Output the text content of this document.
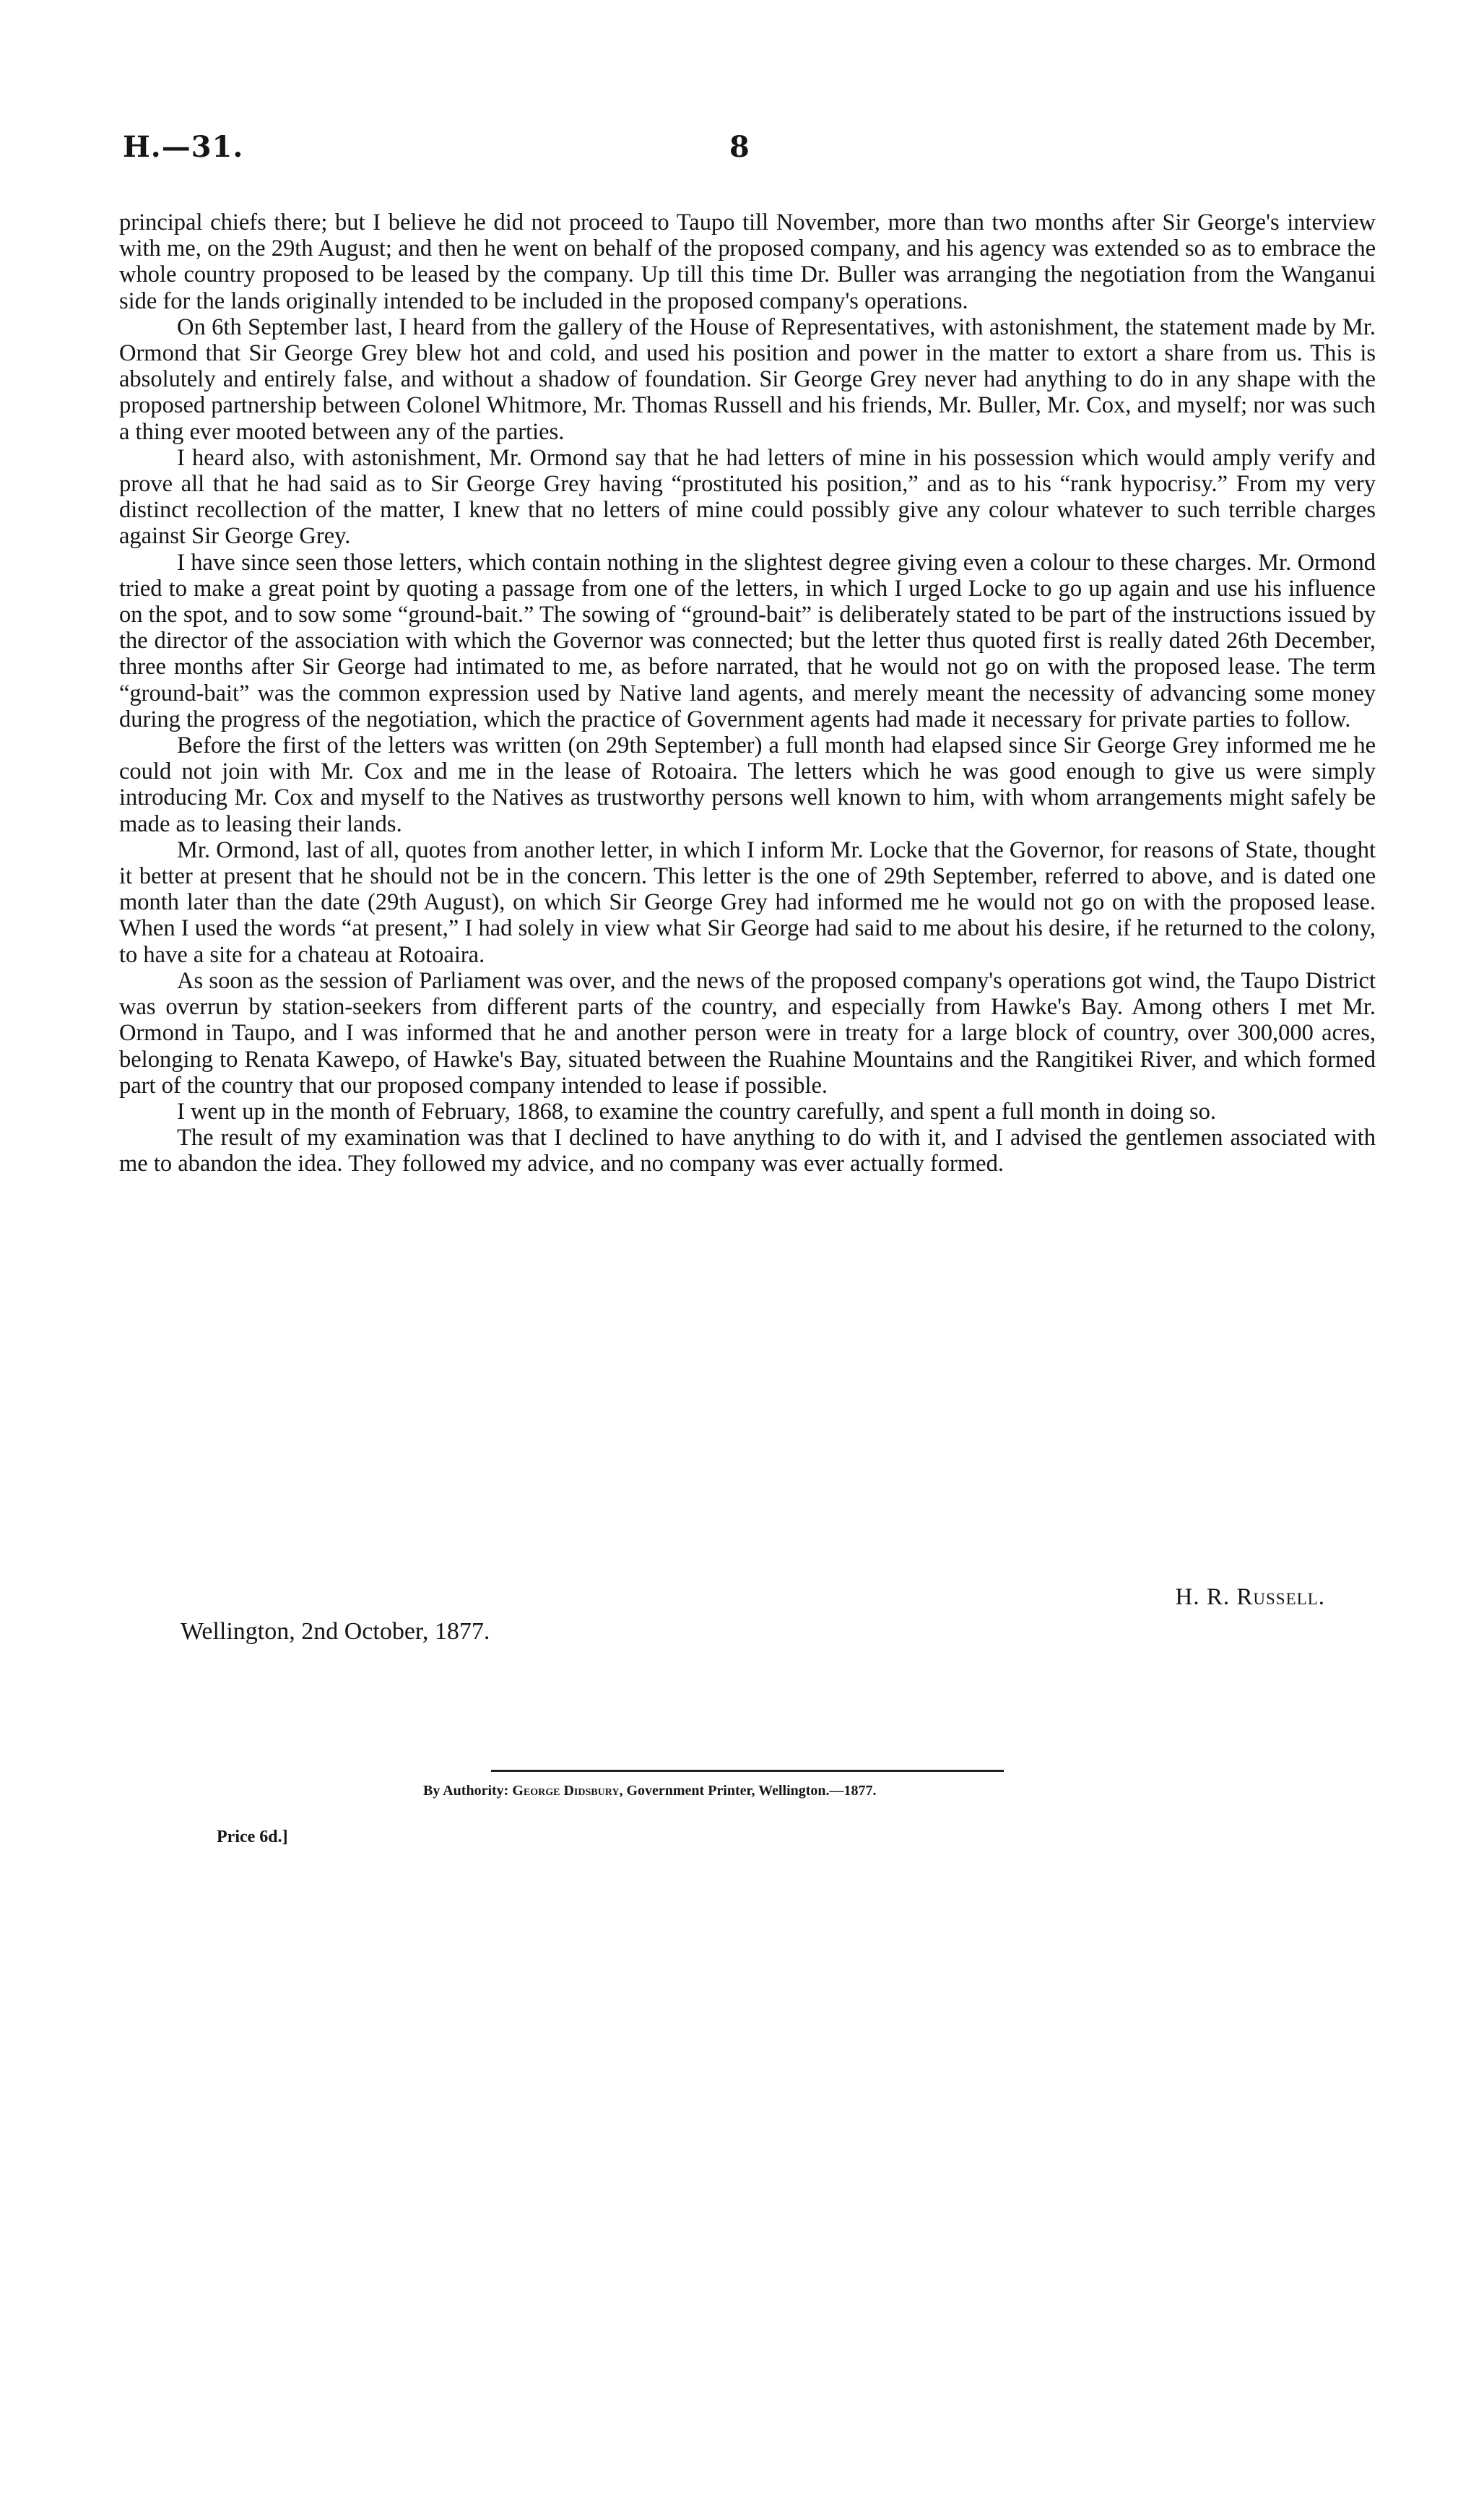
H.—31.	8

principal chiefs there; but I believe he did not proceed to Taupo till November, more than two months after Sir George's interview with me, on the 29th August; and then he went on behalf of the proposed company, and his agency was extended so as to embrace the whole country proposed to be leased by the company. Up till this time Dr. Buller was arranging the negotiation from the Wanganui side for the lands originally intended to be included in the proposed company's operations.

On 6th September last, I heard from the gallery of the House of Representatives, with astonishment, the statement made by Mr. Ormond that Sir George Grey blew hot and cold, and used his position and power in the matter to extort a share from us. This is absolutely and entirely false, and without a shadow of foundation. Sir George Grey never had anything to do in any shape with the proposed partnership between Colonel Whitmore, Mr. Thomas Russell and his friends, Mr. Buller, Mr. Cox, and myself; nor was such a thing ever mooted between any of the parties.

I heard also, with astonishment, Mr. Ormond say that he had letters of mine in his possession which would amply verify and prove all that he had said as to Sir George Grey having “prostituted his position,” and as to his “rank hypocrisy.” From my very distinct recollection of the matter, I knew that no letters of mine could possibly give any colour whatever to such terrible charges against Sir George Grey.

I have since seen those letters, which contain nothing in the slightest degree giving even a colour to these charges. Mr. Ormond tried to make a great point by quoting a passage from one of the letters, in which I urged Locke to go up again and use his influence on the spot, and to sow some “ground-bait.” The sowing of “ground-bait” is deliberately stated to be part of the instructions issued by the director of the association with which the Governor was connected; but the letter thus quoted first is really dated 26th December, three months after Sir George had intimated to me, as before narrated, that he would not go on with the proposed lease. The term “ground-bait” was the common expression used by Native land agents, and merely meant the necessity of advancing some money during the progress of the negotiation, which the practice of Government agents had made it necessary for private parties to follow.

Before the first of the letters was written (on 29th September) a full month had elapsed since Sir George Grey informed me he could not join with Mr. Cox and me in the lease of Rotoaira. The letters which he was good enough to give us were simply introducing Mr. Cox and myself to the Natives as trustworthy persons well known to him, with whom arrangements might safely be made as to leasing their lands.

Mr. Ormond, last of all, quotes from another letter, in which I inform Mr. Locke that the Governor, for reasons of State, thought it better at present that he should not be in the concern. This letter is the one of 29th September, referred to above, and is dated one month later than the date (29th August), on which Sir George Grey had informed me he would not go on with the proposed lease. When I used the words “at present,” I had solely in view what Sir George had said to me about his desire, if he returned to the colony, to have a site for a chateau at Rotoaira.

As soon as the session of Parliament was over, and the news of the proposed company's operations got wind, the Taupo District was overrun by station-seekers from different parts of the country, and especially from Hawke's Bay. Among others I met Mr. Ormond in Taupo, and I was informed that he and another person were in treaty for a large block of country, over 300,000 acres, belonging to Renata Kawepo, of Hawke's Bay, situated between the Ruahine Mountains and the Rangitikei River, and which formed part of the country that our proposed company intended to lease if possible.

I went up in the month of February, 1868, to examine the country carefully, and spent a full month in doing so.

The result of my examination was that I declined to have anything to do with it, and I advised the gentlemen associated with me to abandon the idea. They followed my advice, and no company was ever actually formed.

H. R. Russell.
Wellington, 2nd October, 1877.
By Authority: George Didsbury, Government Printer, Wellington.—1877.
Price 6d.]
